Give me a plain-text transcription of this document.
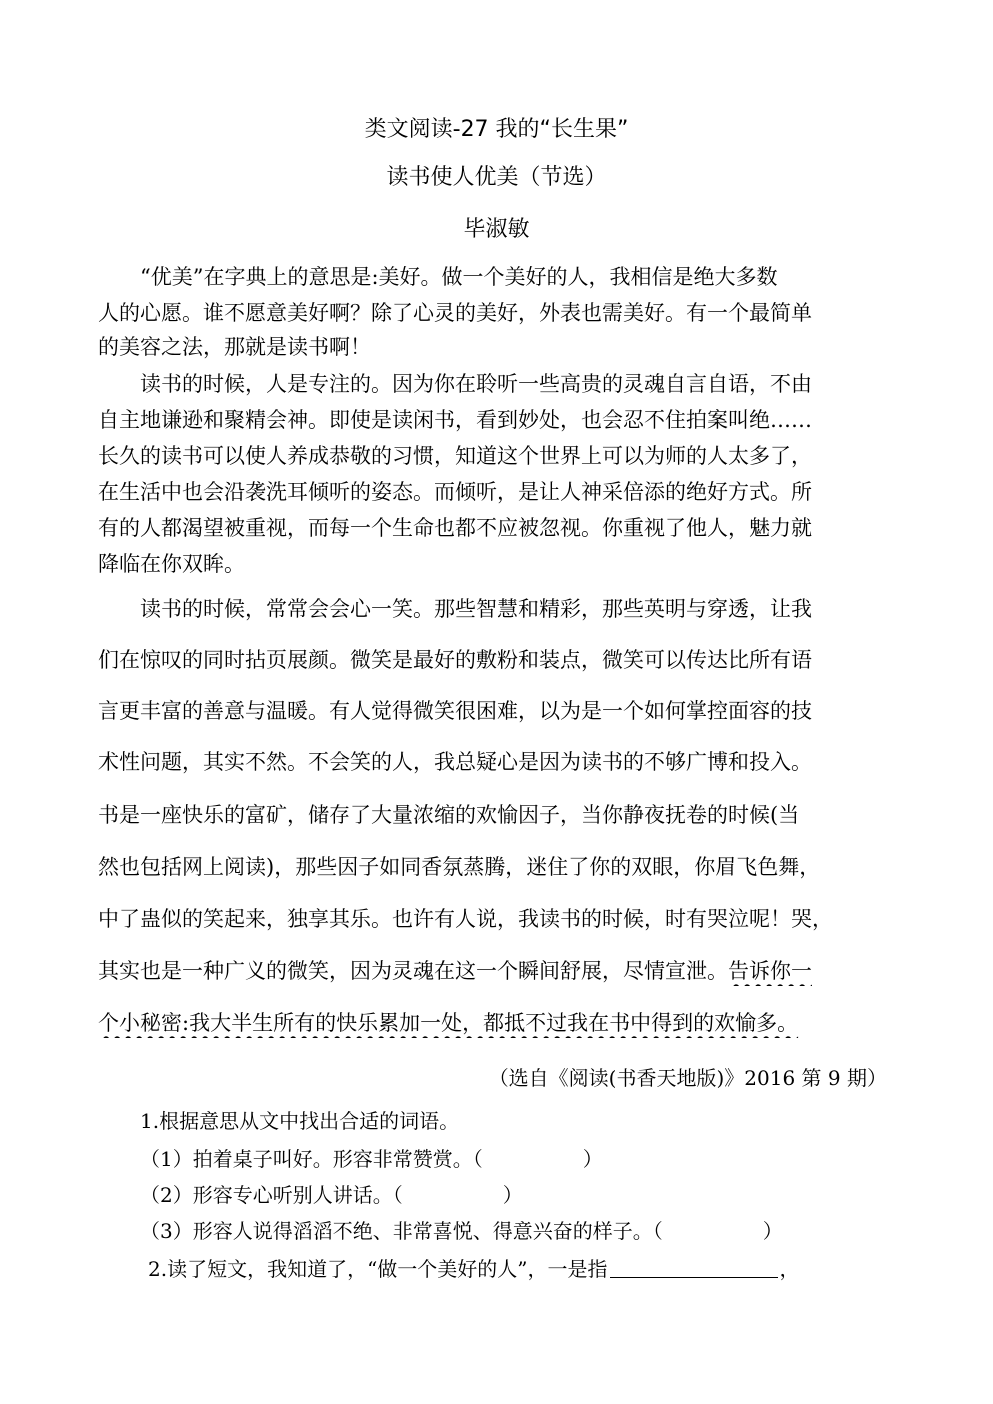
类文阅读-27 我的“长生果”
读书使人优美（节选）
毕淑敏
　　“优美”在字典上的意思是:美好。做一个美好的人，我相信是绝大多数
人的心愿。谁不愿意美好啊？除了心灵的美好，外表也需美好。有一个最简单
的美容之法，那就是读书啊！
　　读书的时候，人是专注的。因为你在聆听一些高贵的灵魂自言自语，不由
自主地谦逊和聚精会神。即使是读闲书，看到妙处，也会忍不住拍案叫绝……
长久的读书可以使人养成恭敬的习惯，知道这个世界上可以为师的人太多了，
在生活中也会沿袭洗耳倾听的姿态。而倾听，是让人神采倍添的绝好方式。所
有的人都渴望被重视，而每一个生命也都不应被忽视。你重视了他人，魅力就
降临在你双眸。
　　读书的时候，常常会会心一笑。那些智慧和精彩，那些英明与穿透，让我
们在惊叹的同时拈页展颜。微笑是最好的敷粉和装点，微笑可以传达比所有语
言更丰富的善意与温暖。有人觉得微笑很困难，以为是一个如何掌控面容的技
术性问题，其实不然。不会笑的人，我总疑心是因为读书的不够广博和投入。
书是一座快乐的富矿，储存了大量浓缩的欢愉因子，当你静夜抚卷的时候(当
然也包括网上阅读)，那些因子如同香氛蒸腾，迷住了你的双眼，你眉飞色舞，
中了蛊似的笑起来，独享其乐。也许有人说，我读书的时候，时有哭泣呢！哭，
其实也是一种广义的微笑，因为灵魂在这一个瞬间舒展，尽情宣泄。告诉你一
个小秘密:我大半生所有的快乐累加一处，都抵不过我在书中得到的欢愉多。
（选自《阅读(书香天地版)》2016 第 9 期）
1.根据意思从文中找出合适的词语。
（1）拍着桌子叫好。形容非常赞赏。（　　　　　）
（2）形容专心听别人讲话。（　　　　　）
（3）形容人说得滔滔不绝、非常喜悦、得意兴奋的样子。（　　　　　）
2.读了短文，我知道了，“做一个美好的人”，一是指	，
